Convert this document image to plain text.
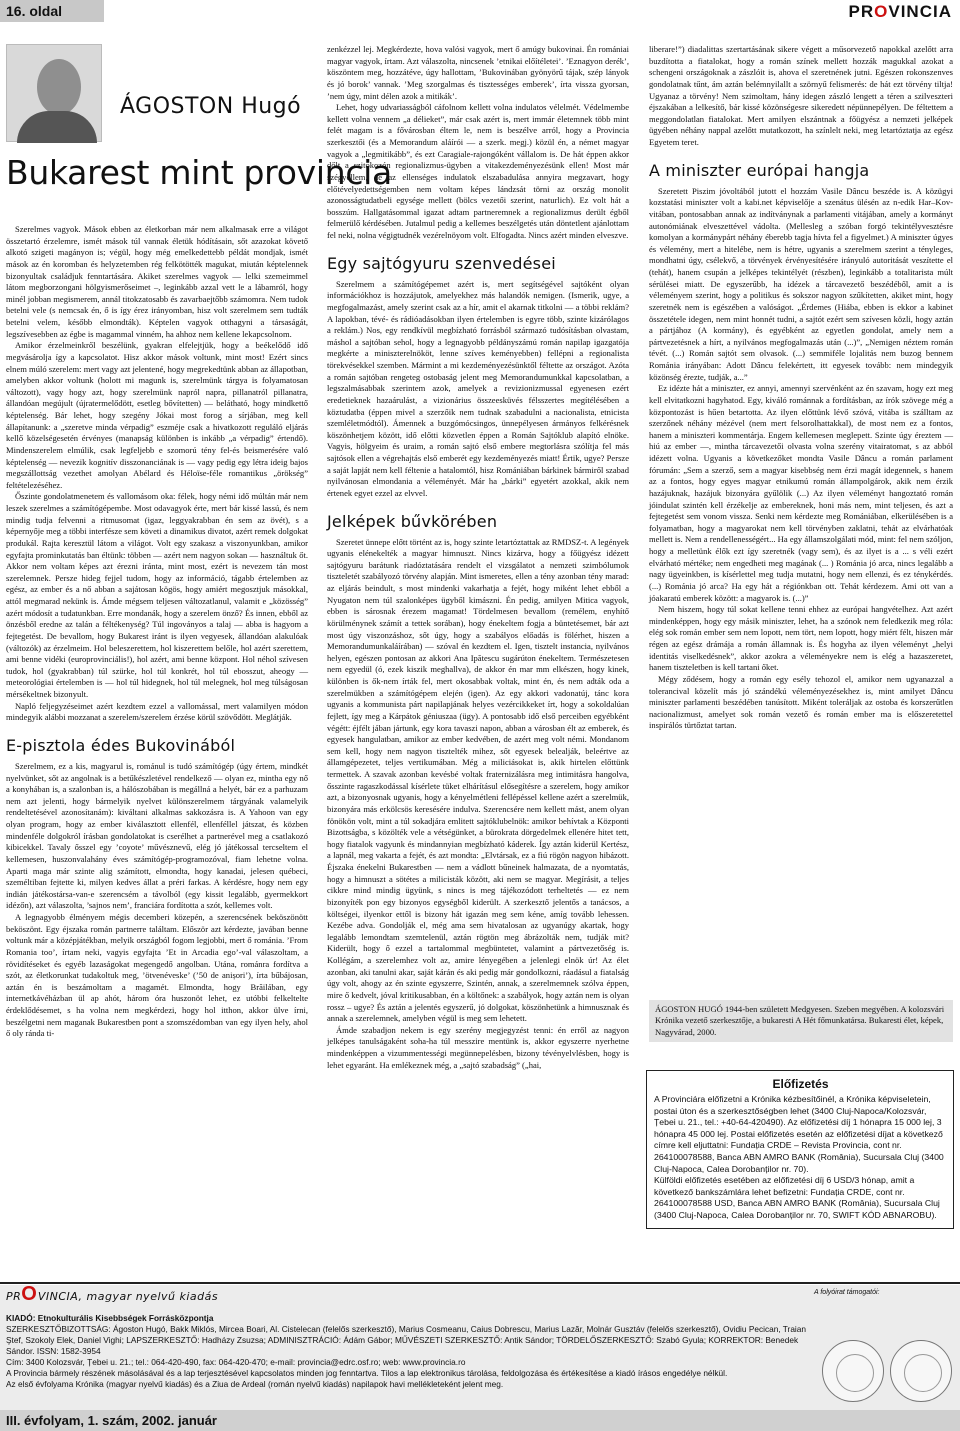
16. oldal	PROVINCIA
ÁGOSTON Hugó
Bukarest mint provincia

Szerelmes vagyok. Mások ebben az életkorban már nem alkalmasak erre a világot összetartó érzelemre, ismét mások túl vannak életük hódításain, sőt azazokat követő alkotó szigeti magányon is; végül, hogy még emelkedettebb példát mondjak, ismét mások az én koromban és helyzetemben rég felkötötték magukat, miután képtelennek bizonyultak családjuk fenntartására. Akiket szerelmes vagyok — lelki szemeimmel látom megborzongani hölgyismerőseimet –, leginkább azzal vett le a lábamról, hogy minél jobban megismerem, annál titokzatosabb és zavarbaejtőbb számomra. Nem tudok betelni vele (s nemcsak én, ő is így érez irányomban, hisz volt szerelmem sem tudták betelni velem, később elmondták). Képtelen vagyok otthagyni a társaságát, legszívesebben az égbe is magammal vinném, ha ahhoz nem kellene lekapcsolnom.

Amikor érzelmeinkről beszélünk, gyakran elfelejtjük, hogy a beékelődő idő megvásárolja így a kapcsolatot. Hisz akkor mások voltunk, mint most! Ezért sincs elnem múló szerelem: mert vagy azt jelentené, hogy megrekedtünk abban az állapotban, amelyben akkor voltunk (holott mi magunk is, szerelmünk tárgya is folyamatosan változott), vagy hogy azt, hogy szerelmünk napról napra, pillanatról pillanatra, állandóan megújult (újratermelődött, esetleg bővítetten) — belátható, hogy mindkettő képtelenség. Bár lehet, hogy szegény Jókai most forog a sírjában, meg kell állapítanunk: a „szeretve minda vérpadig” eszméje csak a hivatkozott reguláló eljárás kellő közelségesetén érvényes (manapság különben is inkább „a vérpadig” értendő). Mindenszerelem elmúlik, csak legfeljebb e szomorú tény fel-és beismerésére való képtelenség — nevezik kognitív disszonanciának is — vagy pedig egy létra ideig bajos megszállottság vezethet amolyan Abélard és Héloïse-féle romantikus „örökség” feltételezéséhez.

Őszinte gondolatmenetem és vallomásom oka: félek, hogy némi idő múltán már nem leszek szerelmes a számítógépembe. Most odavagyok érte, mert bár kissé lassú, és nem mindig tudja felvenni a ritmusomat (igaz, leggyakrabban én sem az övét), s a képernyője meg a többi interfésze sem követi a dinamikus divatot, azért remek dolgokat produkál. Rajta keresztül látom a világot. Volt egy szakasz a viszonyunkban, amikor egyfajta prominkutatás ban éltünk: többen — azért nem nagyon sokan — használtuk őt. Akkor nem voltam képes azt érezni iránta, mint most, ezért is nevezem tán most szerelemnek. Persze hideg fejjel tudom, hogy az információ, tágabb értelemben az egész, az ember és a nő abban a sajátosan kögös, hogy amiért megosztjuk másokkal, attól megmarad nekünk is. Ámde mégsem teljesen változatlanul, valamit e „közösség” azért módosít a tudatunkban. Erre mondanák, hogy a szerelem önző? És innen, ebből az önzésből eredne az talán a féltékenység? Túl ingoványos a talaj — abba is hagyom a fejtegetést. De bevallom, hogy Bukarest iránt is ilyen vegyesek, állandóan alakulóak (változók) az érzelmeim. Hol beleszerettem, hol kiszerettem belőle, hol azért szerettem, ami benne vidéki (europrovinciális!), hol azért, ami benne központ. Hol néhol szívesen tudok, hol (gyakrabban) túl szürke, hol túl konkrét, hol túl ebosszut, aheogy — meteorológiai értelemben is — hol túl hidegnek, hol túl melegnek, hol meg túlságosan mérsékeltnek bizonyult.

Napló feljegyzéseimet azért kezdtem ezzel a vallomással, mert valamilyen módon mindegyik alábbi mozzanat a szerelem/szerelem érzése körül szövődött. Meglátják.

E-pisztola édes Bukovinából

Szerelmem, ez a kis, magyarul is, románul is tudó számítógép (úgy értem, mindkét nyelvünket, sőt az angolnak is a betűkészletével rendelkező — olyan ez, mintha egy nő a konyhában is, a szalonban is, a hálószobában is megállná a helyét, bár ez a parhuzam nem azt jelenti, hogy bármelyik nyelvet különszerelmem tárgyának valamelyik rendeltetésével azonosítanám): kiváltani alkalmas sakkozásra is. A Yahoon van egy olyan program, hogy az ember kiválasztott ellenfél, ellenféllel játszat, és közben mindenféle dolgokról írásban gondolatokat is cserélhet a partnerével meg a csatlakozó kibicekkel. Tavaly ősszel egy ’coyote’ művésznevű, elég jó játékossal tercseltem el kellemesen, huszonvalahány éves számítógép-programozóval, fiam lehetne volna. Aparti maga már szinte alig számított, elmondta, hogy kanadai, jelesen québeci, személtiban fejtette ki, milyen kedves állat a préri farkas. A kérdésre, hogy nem egy indián játékostársa-van-e szerencsém a távolból (egy kissit legalább, gyermekkort idézőn), azt válaszolta, ’sajnos nem’, franciára fordította a szót, kellemes volt.

A legnagyobb élményem mégis decemberi közepén, a szerencsének beköszönött beköszönt. Egy éjszaka román partnerre találtam. Először azt kérdezte, javában benne voltunk már a középjátékban, melyik országból fogom legjobbi, mert ő románia. ’From Romania too’, írtam neki, vagyis egyfajta ’Et in Arcadia ego’-val válaszoltam, a rövidítéseket és egyéb lazaságokat megengedő angolban. Utána, románra fordítva a szót, az életkorunkat tudakoltuk meg, ’ötvenéveske’ (’50 de anișori’), írta bűbájosan, aztán én is beszámoltam a magamét. Elmondta, hogy Brăilában, egy internetkávéházban ül ap ahót, három óra huszonöt lehet, ez utóbbi felkeltelte érdeklődésemet, s ha volna nem megkérdezi, hogy hol itthon, akkor ülve írni, beszélgetni nem maganak Bukarestben pont a szomszédomban van egy ilyen hely, ahol ő oly ránda ti-

zenkézzel lej. Megkérdezte, hova valósi vagyok, mert ő amúgy bukovinai. Én romániai magyar vagyok, írtam. Azt válaszolta, nincsenek ’etnikai előítéletei’. ’Eznagyon derék’, köszöntem meg, hozzátéve, úgy hallottam, ’Bukovinában gyönyörű tájak, szép lányok és jó borok’ vannak. ’Meg szorgalmas és tisztességes emberek’, írta vissza gyorsan, ’nem úgy, mint délen azok a mitikák’.

Lehet, hogy udvariasságból cáfolnom kellett volna indulatos vélelmét. Védelmembe kellett volna vennem „a délieket”, már csak azért is, mert immár életemnek több mint felét magam is a fővárosban éltem le, nem is beszélve arról, hogy a Provincia szerkesztői (és a Memorandum aláírói — a szerk. megj.) közül én, a német magyar vagyok a „legmitikább”, és ezt Caragiale-rajongóként vállalom is. De hát éppen akkor dőlt a szitokozón regionalizmus-ügyben a vitakezdeményezésünk ellen! Most már szégyellem, de az ellenséges indulatok elszabadulása annyira megzavart, hogy előtévelyedettségemben nem voltam képes lándzsát törni az ország monolit azonosságtudatbeli egysége mellett (bölcs vezetői szerint, naturlich). Ez volt hát a bosszúm. Hallgatásommal igazat adtam partneremnek a regionalizmus derült égből felmerülő kérdésében. Jutalmul pedig a kellemes beszélgetés után döntetlent ajánlottam fel neki, nolna végigtudnék vezérelnöyom volt. Elfogadta. Nincs azért minden elveszve.

Egy sajtógyuru szenvedései

Szerelmem a számítógépemet azért is, mert segítségével sajtóként olyan információkhoz is hozzájutok, amelyekhez más halandók nemigen. (Ismerik, ugye, a megfogalmazást, amely szerint csak az a hír, amit el akarnak titkolni — a többi reklám? A lapokban, tévé- és rádióadásokban ilyen értelemben is egyre több, szinte kizárólagos a reklám.) Nos, egy rendkívül megbízható forrásból származó tudósításban olvastam, máshol a sajtóban sehol, hogy a legnagyobb példányszámú román napilap igazgatója megkérte a miniszterelnököt, lenne szíves keményebben) fellépni a regionalista törekvésekkel szemben. Mármint a mi kezdeményezésünktől féltette az országot. Azóta a román sajtóban rengeteg ostobaság jelent meg Memorandumunkkal kapcsolatban, a legszalmásabbak szerintem azok, amelyek a revizionizmussal egyenesen ezért eredetieknek hazaárulást, a vizionárius összeesküvés félsszertes megítélésében a köztudatba (éppen mivel a szerzőik nem tudnak szabadulni a nacionalista, etnicista szemléletmódtól). Ámennek a buzgómócsingos, ünnepélyesen ármányos felkérésnek köszönhetjem között, idő előtti közvetlen éppen a Román Sajtóklub alapító elnöke. Vagyis, hölgyeim és uraim, a román sajtó első embere megtorlásra szólítja fel más sajtósok ellen a végrehajtás első emberét egy kezdeményezés miatt! Értik, ugye? Persze a saját lapját nem kell féltenie a hatalomtól, hisz Romániában bárkinek bármiről szabad nyilvánosan elmondania a véleményét. Már ha „bárki” egyetért azokkal, akik nem értenek egyet ezzel az elvvel.

Jelképek bűvkörében

Szeretet ünnepe előtt történt az is, hogy szinte letartóztattak az RMDSZ-t. A legények ugyanis elénekelték a magyar himnuszt. Nincs kizárva, hogy a főügyész idézett sajtógyuru barátunk riadóztatására rendelt el vizsgálatot a nemzeti szimbólumok tiszteletét szabályozó törvény alapján. Mint ismeretes, ellen a tény azonban tény marad: az eljárás beindult, s most mindenki vakarhatja a fejét, hogy miként lehet ebből a Nyugaton nem túl szalonképes ügyből kimászni. Én pedig, amilyen Mitica vagyok, ebben is sárosnak érezem magamat! Tördelmesen bevallom (remélem, enyhítő körülménynek számít a tettek sorában), hogy énekeltem fogja a büntetésemet, bár azt most úgy viszonzáshoz, sőt úgy, hogy a szabályos előadás is fölérhet, hiszen a Memorandumunkaláírában) — szóval én kezdtem el. Igen, tisztelt instancia, nyilvános helyen, egészen pontosan az akkori Ana Ipătescu sugárúton énekeltem. Természetesen nem egyedül (ó, ezek kiszik meghallva), de akkor én mar mm elkészen, hogy kinek, különben is ők-nem írták fel, mert okosabbak voltak, mint én, és nem adták oda a szerelmükben a számítógépem elején (igen). Az egy akkori vadonatúj, tánc kora ugyanis a kommunista párt napilapjának helyes vezércikkeket írt, hogy a sokoldalúan fejlett, így meg a Kárpátok géniuszaa (ügy). A pontosabb idő első perceiben egyébként végétt: éjfélt jában jártunk, egy kora tavaszi napon, abban a városban élt az emberek, és egyesek hangulatban, amikor az ember kedvében, de azért meg volt némi. Mondanom sem kell, hogy nem nagyon tisztelték mihez, sőt egyesek belealják, beleértve az államgépezetet, teljes vertikumában. Még a miliciásokat is, akik hirtelen előttünk termettek. A szavak azonban kevésbé voltak fraternizálásra meg intimitásra hangolva, ősszinte ragaszkodással kísérlete tüket elhárításul elősegítésre a szerelem, hogy amikor azt, a bizonyosnak ugyanis, hogy a kényelmétleni fellépéssel kellene azért a szerelmük, bizonyára más erkölcsös keresésére indulva. Szerencsére nem kellett mást, anem olyan fönökön volt, mint a túl sokadjára emlitett sajtóklubelnök: amikor behívtak a Központi Bizottságba, s közölték vele a vétségünket, a bürokrata dörgedelmek ellenére hitet tett, hogy fiatalok vagyunk és mindannyian megbízható káderek. Így aztán kiderül Kertész, a lapnál, meg vakarta a fejét, és azt mondta: „Elvtársak, ez a fiú rögön nagyon hibázott. Éjszaka énekelni Bukarestben — nem a vádlott bűneinek halmazata, de a nyomtatás, hogy a himnuszt a sötétes a milicisták között, aki nem se magyar. Megírásit, a teljes cikkre mind mindig ügyünk, s nincs is meg tájékozódott terheltetés — ez nem bizonyíték pon egy bizonyos egységből kiderült. A szerkesztő jelentős a tanácsos, a költségei, ilyenkor ettől is bizony hát igazán meg sem kéne, amíg tovább lehessen. Kezébe adva. Gondolják el, még ama sem hivatalosan az ugyanúgy akartak, hogy legalább lemondtam szemtelenül, aztán rögtön meg ábrázolták nem, tudják mit? Kiderült, hogy ő ezzel a tartalommal megbüntetet, valamint a pártvezetőség is. Kollégám, a szerelemhez volt az, amire lényegében a jelenlegi elnök úr! Az élet azonban, aki tanulni akar, saját kárán és aki pedig már gondolkozni, ráadásul a fiatalság úgy volt, ahogy az én szinte egyszerre, Szintén, annak, a szerelmemnek szólva éppen, mire ő kedvelt, jóval kritikusabban, én a költőnek: a szabályok, hogy aztán nem is olyan rossz – ugye? És aztán a jelentés egyszerű, jó dolgokat, köszönhetünk a himnusznak és annak a szerelemnek, amelyben végül is meg sem lehetett.

Ámde szabadjon nekem is egy szerény megjegyzést tenni: én erről az nagyon jelképes tanulságaként soha-ha túl messzire mentünk is, akkor egyszerre nyerhetne mindenképpen a vizummentességi megünnepelésben, bizony tévényelvlésben, hogy is lehet egyaránt. Ha emlékeznek még, a „sajtó szabadság” („hai,

liberare!”) diadalittas szertartásának sikere végett a műsorvezető napokkal azelőtt arra buzdította a fiatalokat, hogy a román színek mellett hozzák magukkal azokat a schengeni országoknak a zászlóit is, ahova el szeretnének jutni. Egészen rokonszenves gondolatnak tűnt, ám aztán belémnyilallt a szörnyű felismerés: de hát ezt törvény tiltja! Ugyanaz a törvény! Nem szimoltam, hány idegen zászló lengett a téren a szilveszteri éjszakában a lelkesítő, bár kissé közönségesre sikeredett népünnepélyen. De féltettem a meggondolatlan fiatalokat. Mert amilyen elszántnak a főügyész a nemzeti jelképek ügyében néhány nappal azelőtt mutatkozott, ha színlelt neki, meg letartóztatja az egész Egyetem teret.

A miniszter európai hangja

Szeretett Piszim jóvoltából jutott el hozzám Vasile Dâncu beszéde is. A közügyi kozstatási miniszter volt a kabi.net képviselője a szenátus ülésén az n-edik Har–Kov-vitában, pontosabban annak az indítványnak a parlamenti vitájában, amely a kormányt autonómiának elveszettével vádolta. (Mellesleg a szóban forgó tekintélyvesztésre komolyan a kormánypárt néhány éberebb tagja hívta fel a figyelmet.) A miniszter úgyes és vélemény, mert a hitelébe, nem is hétre, ugyanis a szerelmem szerint a tényleges, mondhatni úgy, csélekvő, a törvények érvényesítésére irányuló autoritását veszítette el (tehát), hanem csupán a jelképes tekintélyét (részben), leginkább a totalitarista múlt sérülései miatt. De egyszerűbb, ha idézek a tárcavezető beszédéből, amit a is véleményem szerint, hogy a politikus és sokszor nagyon szűkítetten, akiket mint, hogy szeretnék nem is egészében a valóságot. „Érdemes (Hiába, ebben is ekkor a kabinet összetétele idegen, nem mint honnét tudni, a sajtót ezért sem szívesen közli, hogy aztán a pártjához (A kormány), és egyébként az egyetlen gondolat, amely nem a pártvezetésnek a hírt, a nyilvános megfogalmazás után (...)”, „Nemigen néztem román tévét. (...) Román sajtót sem olvasok. (...) semmiféle lojalitás nem buzog bennem Románia irányában: Adott Dâncu felekértett, itt egyesek tovább: nem mindegyik közönség érezte, tudják, a...”

Ez idézte hát a miniszter, ez annyi, amennyi szervénként az én szavam, hogy ezt meg kell elvitatkozni hagyhatod. Egy, kiváló románnak a fordításban, az írók szövege még a központozást is hűen betartotta. Az ilyen előttünk lévő szóvá, vitába is szálltam az szerzőnek néhány mézével (nem mert felsorolhattakkal), de most nem ez a fontos, hanem a miniszteri kommentárja. Engem kellemesen meglepett. Szinte úgy éreztem — hiú az ember —, mintha tárcavezetői olvasta volna szerény vitairatomat, s az abból idézett volna. Ugyanis a következőket mondta Vasile Dâncu a román parlament fórumán: „Sem a szerző, sem a magyar kisebbség nem érzi magát idegennek, s hanem az a fontos, hogy egyes magyar etnikumú román állampolgárok, akik nem érzik hazájuknak, hazájuk bizonyára gyűlölik (...) Az ilyen véleményt hangoztató román jóindulat szintén kell érzékelje az embereknek, honi más nem, mint teljesen, és azt a fejtegetést sem vonom vissza. Senki nem kérdezte meg Romániában, elkerülésében is a folyamatban, hogy a magyarokat nem kell törvényben zaklatni, tehát az elvárhatóak mellett is. Nem a rendellenességért... Ha egy államszolgálati mód, mint: fel nem szóljon, hogy a melletünk élők ezt így szeretnék (vagy sem), és az ilyet is a ... s véli ezért elvárható mértéke; nem engedheti meg magának (... ) Románia jó arca, nincs legalább a nagy ügyeinkben, is kísérlettel meg tudja mutatni, hogy nem ellenzi, és ez ténykérdés. (...) Románia jó arca? Ha egy hát a régiónkban ott. Tehát kérdezem. Ami ott van a jóakaratú emberek között: a magyarok is. (...)”

Nem hiszem, hogy túl sokat kellene tenni ehhez az európai hangvételhez. Azt azért mindenképpen, hogy egy másik miniszter, lehet, ha a szónok nem feledkezik meg róla: elég sok román ember sem nem lopott, nem tört, nem lopott, hogy miért félt, hiszen már régen az egész drámája a román államnak is. És hogyha az ilyen véleményt „helyi identitás viselkedésnek”, akkor azokra a véleményekre nem is elég a hazaszeretet, hanem tiszteletben is kell tartani őket.

Mégy ződésem, hogy a román egy esély tehozol el, amikor nem ugyanazzal a tolerancival közelít más jó szándékú véleményezésekhez is, mint amilyet Dâncu miniszter parlamenti beszédében tanúsított. Miként toleráljak az ostoba és korszerűtlen nacionalizmust, amelyet sok román vezető és román ember ma is előszeretettel inspirálós türtőztat tartan.

ÁGOSTON HUGÓ 1944-ben született Medgyesen. Szeben megyében. A kolozsvári Krónika vezető szerkesztője, a bukaresti A Hét főmunkatársa. Bukaresti élet, képek, Nagyvárad, 2000.
Előfizetés

A Provinciára előfizetni a Krónika kézbesítőinél, a Krónika képviseletein, postai úton és a szerkesztőségben lehet (3400 Cluj-Napoca/Kolozsvár, Țebei u. 21., tel.: +40-64-420490). Az előfizetési díj 1 hónapra 15 000 lej, 3 hónapra 45 000 lej. Postai előfizetés esetén az előfizetési díjat a következő címre kell eljuttatni: Fundația CRDE – Revista Provincia, cont nr. 264100078588, Banca ABN AMRO BANK (România), Sucursala Cluj (3400 Cluj-Napoca, Calea Dorobanților nr. 70).

Külföldi előfizetés esetében az előfizetési díj 6 USD/3 hónap, amit a következő bankszámlára lehet befizetni: Fundația CRDE, cont nr. 264100078588 USD, Banca ABN AMRO BANK (România), Sucursala Cluj (3400 Cluj-Napoca, Calea Dorobanților nr. 70, SWIFT KÓD ABNAROBU).

PROVINCIA, magyar nyelvű kiadás	A folyóirat támogatói:
KIADÓ: Etnokulturális Kisebbségek Forrásközpontja
SZERKESZTŐBIZOTTSÁG: Ágoston Hugó, Bakk Miklós, Mircea Boari, Al. Cistelecan (felelős szerkesztő), Marius Cosmeanu, Caius Dobrescu, Marius Lazăr, Molnár Gusztáv (felelős szerkesztő), Ovidiu Pecican, Traian Ştef, Szokoly Elek, Daniel Vighi; LAPSZERKESZTŐ: Hadházy Zsuzsa; ADMINISZTRÁCIÓ: Ádám Gábor; MŰVÉSZETI SZERKESZTŐ: Antik Sándor; TÖRDELŐSZERKESZTŐ: Szabó Gyula; KORREKTOR: Benedek Sándor. ISSN: 1582-3954
Cím: 3400 Kolozsvár, Țebei u. 21.; tel.: 064-420-490, fax: 064-420-470; e-mail: provincia@edrc.osf.ro; web: www.provincia.ro
A Provincia bármely részének másolásával és a lap terjesztésével kapcsolatos minden jog fenntartva. Tilos a lap elektronikus tárolása, feldolgozása és értékesítése a kiadó írásos engedélye nélkül.
Az első évfolyama Krónika (magyar nyelvű kiadás) és a Ziua de Ardeal (román nyelvű kiadás) napilapok havi mellékleteként jelent meg.
III. évfolyam, 1. szám, 2002. január
